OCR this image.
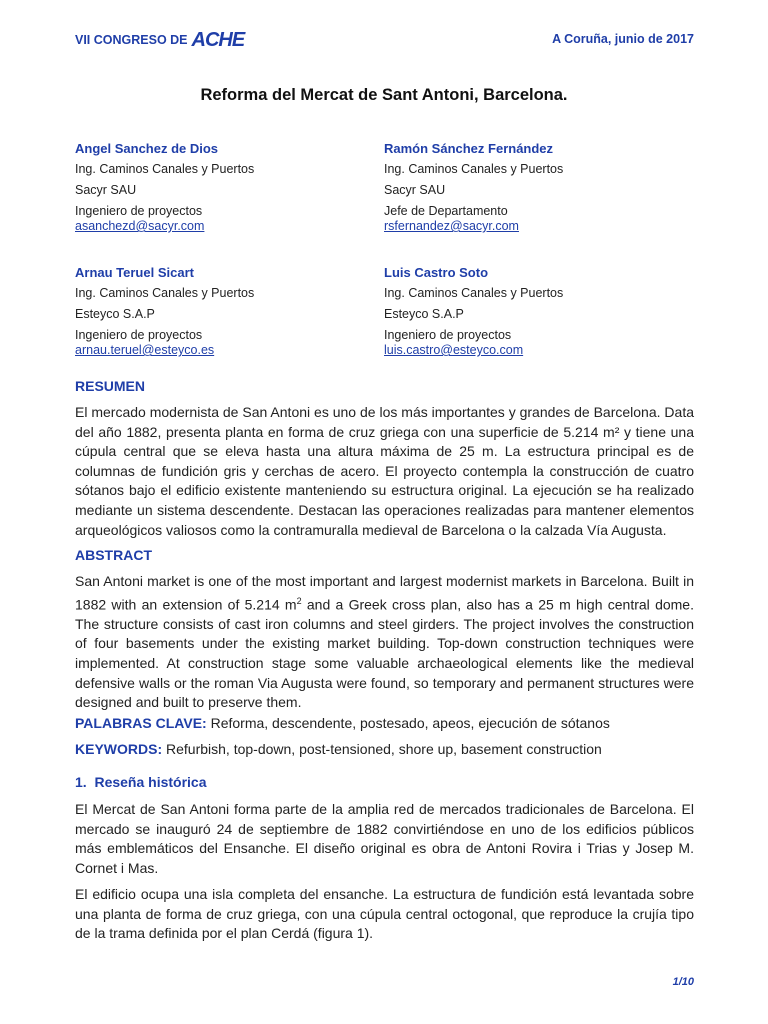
VII CONGRESO DE ACHE	A Coruña, junio de 2017
Reforma del Mercat de Sant Antoni, Barcelona.
Angel Sanchez de Dios
Ing. Caminos Canales y Puertos
Sacyr SAU
Ingeniero de proyectos
asanchezd@sacyr.com
Ramón Sánchez Fernández
Ing. Caminos Canales y Puertos
Sacyr SAU
Jefe de Departamento
rsfernandez@sacyr.com
Arnau Teruel Sicart
Ing. Caminos Canales y Puertos
Esteyco S.A.P
Ingeniero de proyectos
arnau.teruel@esteyco.es
Luis Castro Soto
Ing. Caminos Canales y Puertos
Esteyco S.A.P
Ingeniero de proyectos
luis.castro@esteyco.com
RESUMEN
El mercado modernista de San Antoni es uno de los más importantes y grandes de Barcelona. Data del año 1882, presenta planta en forma de cruz griega con una superficie de 5.214 m² y tiene una cúpula central que se eleva hasta una altura máxima de 25 m. La estructura principal es de columnas de fundición gris y cerchas de acero. El proyecto contempla la construcción de cuatro sótanos bajo el edificio existente manteniendo su estructura original. La ejecución se ha realizado mediante un sistema descendente. Destacan las operaciones realizadas para mantener elementos arqueológicos valiosos como la contramuralla medieval de Barcelona o la calzada Vía Augusta.
ABSTRACT
San Antoni market is one of the most important and largest modernist markets in Barcelona. Built in 1882 with an extension of 5.214 $m^2$ and a Greek cross plan, also has a 25 m high central dome. The structure consists of cast iron columns and steel girders. The project involves the construction of four basements under the existing market building. Top-down construction techniques were implemented. At construction stage some valuable archaeological elements like the medieval defensive walls or the roman Via Augusta were found, so temporary and permanent structures were designed and built to preserve them.
PALABRAS CLAVE: Reforma, descendente, postesado, apeos, ejecución de sótanos
KEYWORDS: Refurbish, top-down, post-tensioned, shore up, basement construction
1.  Reseña histórica
El Mercat de San Antoni forma parte de la amplia red de mercados tradicionales de Barcelona. El mercado se inauguró 24 de septiembre de 1882 convirtiéndose en uno de los edificios públicos más emblemáticos del Ensanche. El diseño original es obra de Antoni Rovira i Trias y Josep M. Cornet i Mas.
El edificio ocupa una isla completa del ensanche. La estructura de fundición está levantada sobre una planta de forma de cruz griega, con una cúpula central octogonal, que reproduce la crujía tipo de la trama definida por el plan Cerdá (figura 1).
1/10
